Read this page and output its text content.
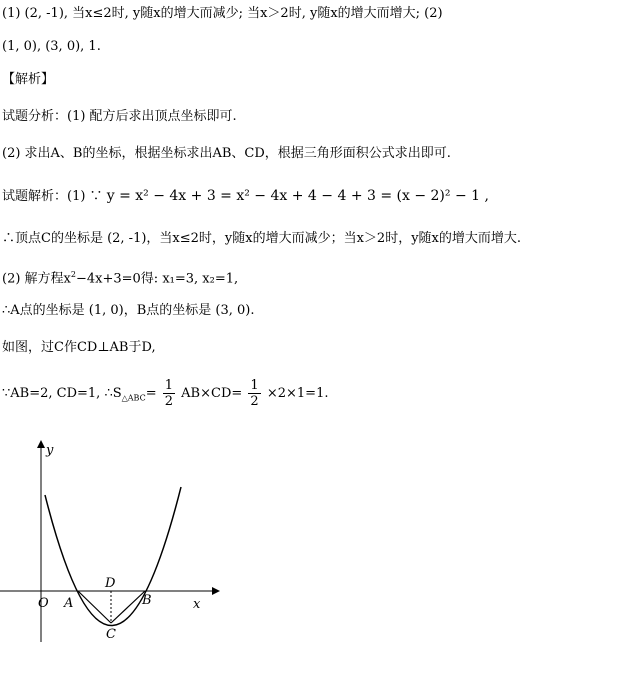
(1) (2, -1), 当x≤2时, y随x的增大而减少; 当x＞2时, y随x的增大而增大; (2)
(1, 0), (3, 0), 1.
【解析】
试题分析：(1) 配方后求出顶点坐标即可.
(2) 求出A、B的坐标，根据坐标求出AB、CD，根据三角形面积公式求出即可.
试题解析：(1) ∵ y = x² − 4x + 3 = x² − 4x + 4 − 4 + 3 = (x − 2)² − 1 ,
∴顶点C的坐标是 (2, -1)，当x≤2时，y随x的增大而减少；当x＞2时，y随x的增大而增大.
(2) 解方程$x^2-4x+3=0$得: x₁=3, x₂=1,
∴A点的坐标是 (1, 0)，B点的坐标是 (3, 0).
如图，过C作CD⊥AB于D,
∵AB=2, CD=1, $\therefore S_{\triangle ABC}= \frac{1}{2} AB\times CD= \frac{1}{2} \times 2\times 1=1$.
y
x
O A	B
C
D
